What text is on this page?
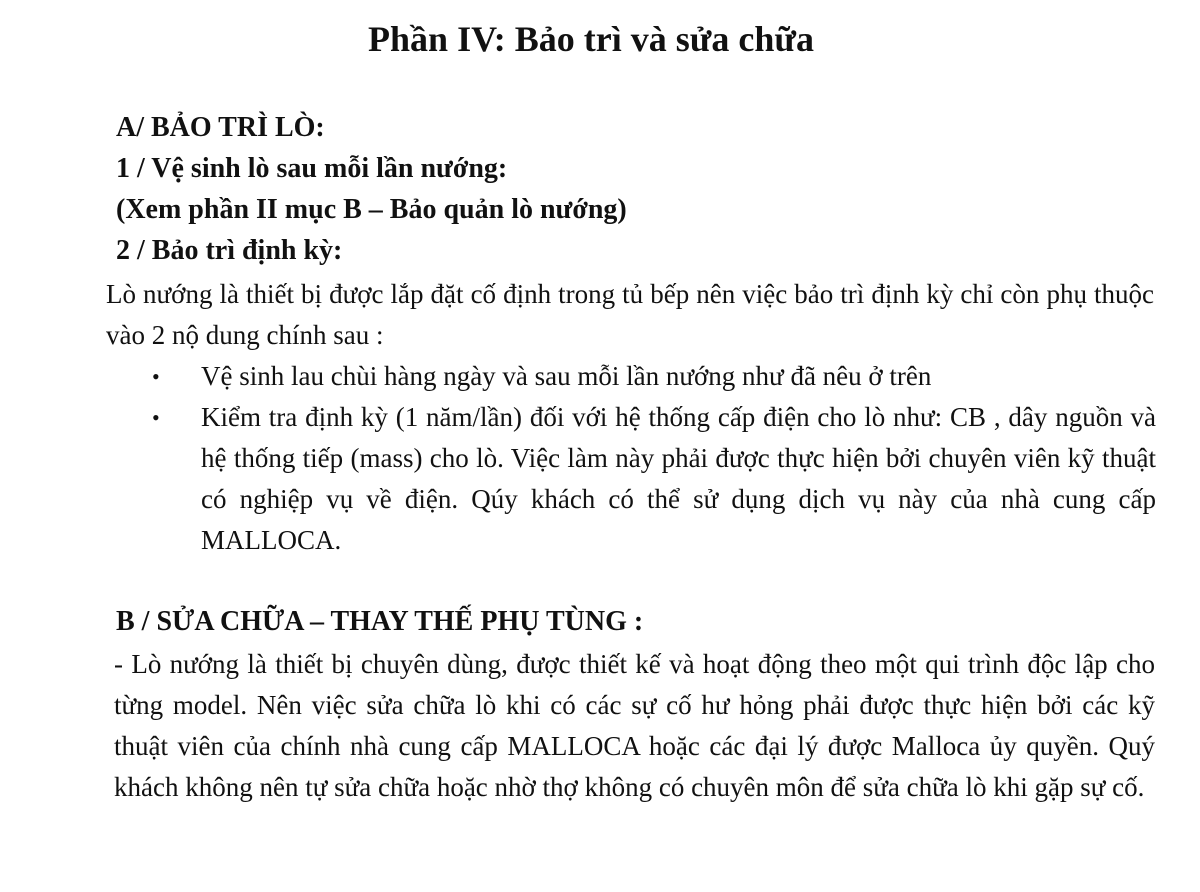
Phần IV: Bảo trì và sửa chữa
A/ BẢO TRÌ LÒ:
1 / Vệ sinh lò sau mỗi lần nướng:
(Xem phần II mục B – Bảo quản lò nướng)
2 / Bảo trì định kỳ:
Lò nướng là thiết bị được lắp đặt cố định trong tủ bếp nên việc bảo trì định kỳ chỉ còn phụ thuộc vào 2 nộ dung chính sau :
•	Vệ sinh lau chùi hàng ngày và sau mỗi lần nướng như đã nêu ở trên
•	Kiểm tra định kỳ (1 năm/lần) đối với hệ thống cấp điện cho lò như: CB , dây nguồn và hệ thống tiếp (mass) cho lò. Việc làm này phải được thực hiện bởi chuyên viên kỹ thuật có nghiệp vụ về điện. Qúy khách có thể sử dụng dịch vụ này của nhà cung cấp MALLOCA.
B / SỬA CHỮA – THAY THẾ PHỤ TÙNG :
- Lò nướng là thiết bị chuyên dùng, được thiết kế và hoạt động theo một qui trình độc lập cho từng model. Nên việc sửa chữa lò khi có các sự cố hư hỏng phải được thực hiện bởi các kỹ thuật viên của chính nhà cung cấp MALLOCA hoặc các đại lý được Malloca ủy quyền. Quý khách không nên tự sửa chữa hoặc nhờ thợ không có chuyên môn để sửa chữa lò khi gặp sự cố.
